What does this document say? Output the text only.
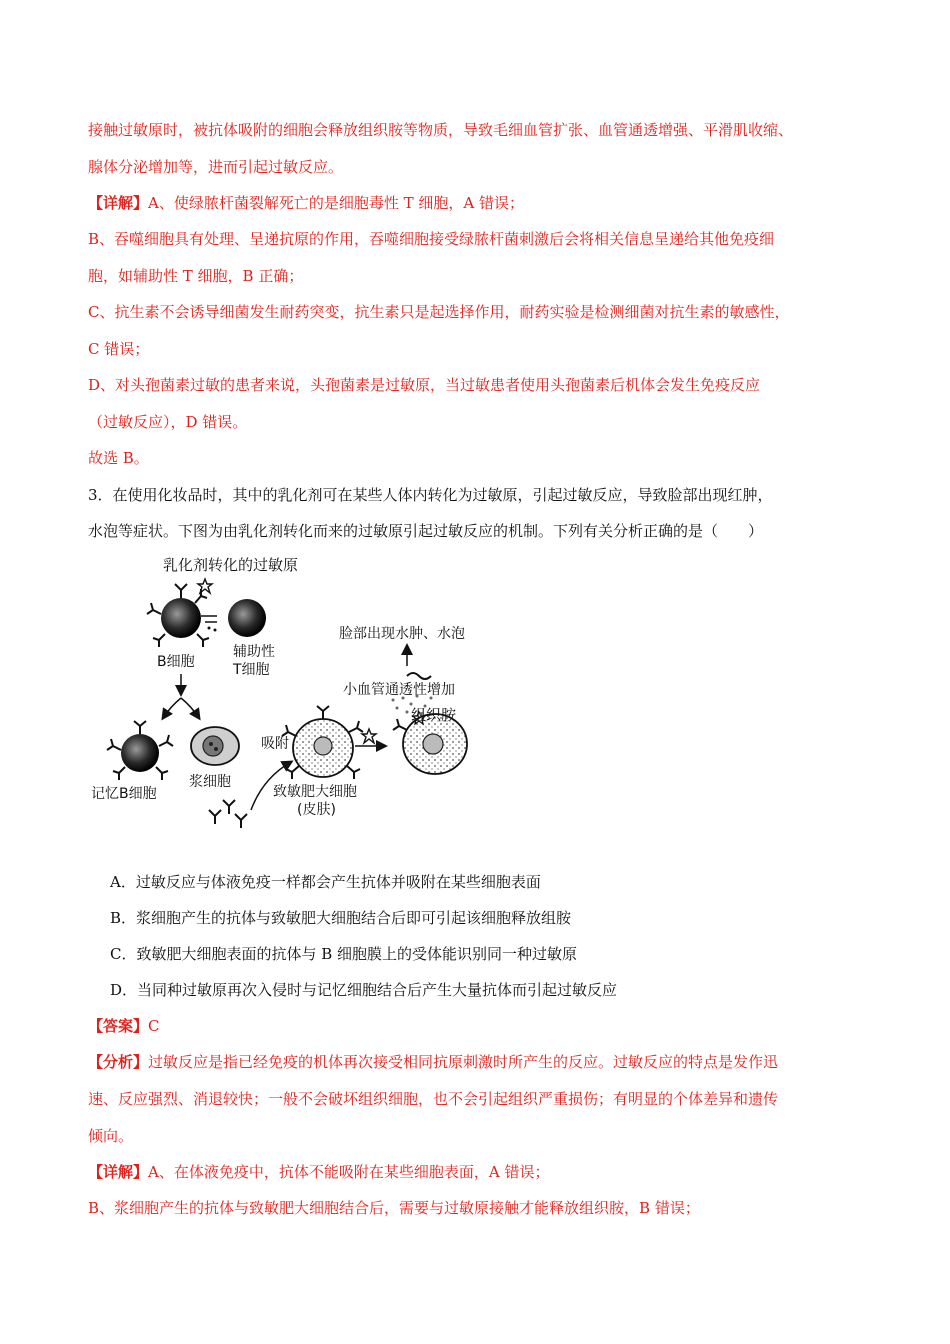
接触过敏原时，被抗体吸附的细胞会释放组织胺等物质，导致毛细血管扩张、血管通透增强、平滑肌收缩、
腺体分泌增加等，进而引起过敏反应。
【详解】A、使绿脓杆菌裂解死亡的是细胞毒性 T 细胞，A 错误；
B、吞噬细胞具有处理、呈递抗原的作用，吞噬细胞接受绿脓杆菌刺激后会将相关信息呈递给其他免疫细
胞，如辅助性 T 细胞，B 正确；
C、抗生素不会诱导细菌发生耐药突变，抗生素只是起选择作用，耐药实验是检测细菌对抗生素的敏感性，
C 错误；
D、对头孢菌素过敏的患者来说，头孢菌素是过敏原，当过敏患者使用头孢菌素后机体会发生免疫反应
（过敏反应），D 错误。
故选 B。
3．在使用化妆品时，其中的乳化剂可在某些人体内转化为过敏原，引起过敏反应，导致脸部出现红肿，
水泡等症状。下图为由乳化剂转化而来的过敏原引起过敏反应的机制。下列有关分析正确的是（　　）
乳化剂转化的过敏原
B细胞
辅助性
T细胞
记忆B细胞
浆细胞
吸附
致敏肥大细胞
(皮肤)
组织胺
小血管通透性增加
脸部出现水肿、水泡
A．过敏反应与体液免疫一样都会产生抗体并吸附在某些细胞表面
B．浆细胞产生的抗体与致敏肥大细胞结合后即可引起该细胞释放组胺
C．致敏肥大细胞表面的抗体与 B 细胞膜上的受体能识别同一种过敏原
D．当同种过敏原再次入侵时与记忆细胞结合后产生大量抗体而引起过敏反应
【答案】C
【分析】过敏反应是指已经免疫的机体再次接受相同抗原刺激时所产生的反应。过敏反应的特点是发作迅
速、反应强烈、消退较快；一般不会破坏组织细胞，也不会引起组织严重损伤；有明显的个体差异和遗传
倾向。
【详解】A、在体液免疫中，抗体不能吸附在某些细胞表面，A 错误；
B、浆细胞产生的抗体与致敏肥大细胞结合后，需要与过敏原接触才能释放组织胺，B 错误；
